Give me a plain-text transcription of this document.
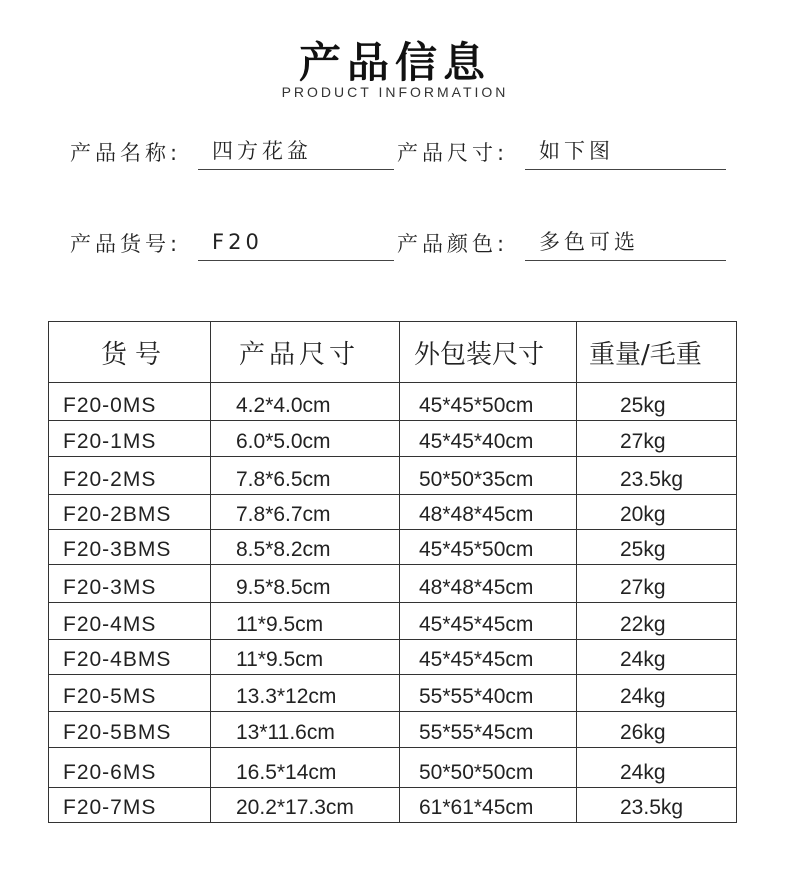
产品信息
PRODUCT INFORMATION
产品名称:	四方花盆	产品尺寸:	如下图
产品货号:	F20	产品颜色:	多色可选
货号	产品尺寸	外包装尺寸	重量/毛重
F20-0MS	4.2*4.0cm	45*45*50cm	25kg
F20-1MS	6.0*5.0cm	45*45*40cm	27kg
F20-2MS	7.8*6.5cm	50*50*35cm	23.5kg
F20-2BMS	7.8*6.7cm	48*48*45cm	20kg
F20-3BMS	8.5*8.2cm	45*45*50cm	25kg
F20-3MS	9.5*8.5cm	48*48*45cm	27kg
F20-4MS	11*9.5cm	45*45*45cm	22kg
F20-4BMS	11*9.5cm	45*45*45cm	24kg
F20-5MS	13.3*12cm	55*55*40cm	24kg
F20-5BMS	13*11.6cm	55*55*45cm	26kg
F20-6MS	16.5*14cm	50*50*50cm	24kg
F20-7MS	20.2*17.3cm	61*61*45cm	23.5kg
